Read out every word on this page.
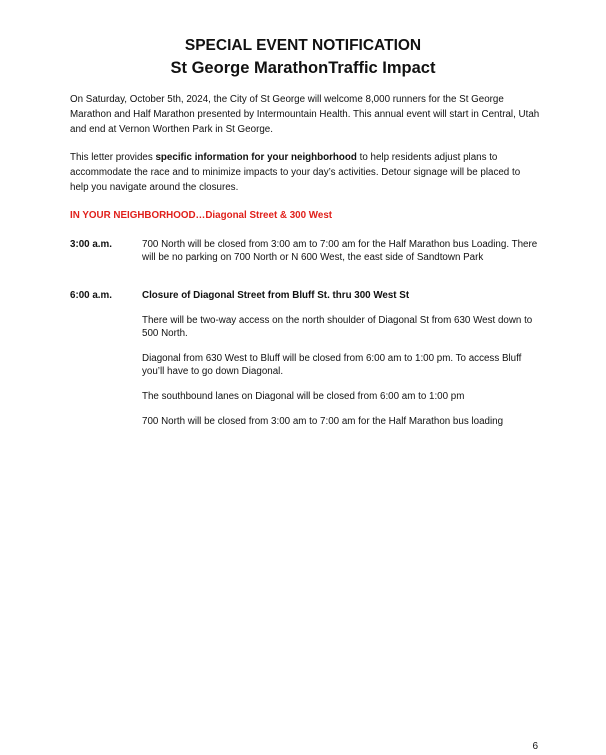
SPECIAL EVENT NOTIFICATION
St George MarathonTraffic Impact

On Saturday, October 5th, 2024, the City of St George will welcome 8,000 runners for the St George Marathon and Half Marathon presented by Intermountain Health. This annual event will start in Central, Utah and end at Vernon Worthen Park in St George.

This letter provides specific information for your neighborhood to help residents adjust plans to accommodate the race and to minimize impacts to your day’s activities. Detour signage will be placed to help you navigate around the closures.

IN YOUR NEIGHBORHOOD…Diagonal Street & 300 West

3:00 a.m.	700 North will be closed from 3:00 am to 7:00 am for the Half Marathon bus Loading. There will be no parking on 700 North or N 600 West, the east side of Sandtown Park

6:00 a.m.	Closure of Diagonal Street from Bluff St. thru 300 West St

There will be two-way access on the north shoulder of Diagonal St from 630 West down to 500 North.

Diagonal from 630 West to Bluff will be closed from 6:00 am to 1:00 pm. To access Bluff you’ll have to go down Diagonal.

The southbound lanes on Diagonal will be closed from 6:00 am to 1:00 pm

700 North will be closed from 3:00 am to 7:00 am for the Half Marathon bus loading

6
